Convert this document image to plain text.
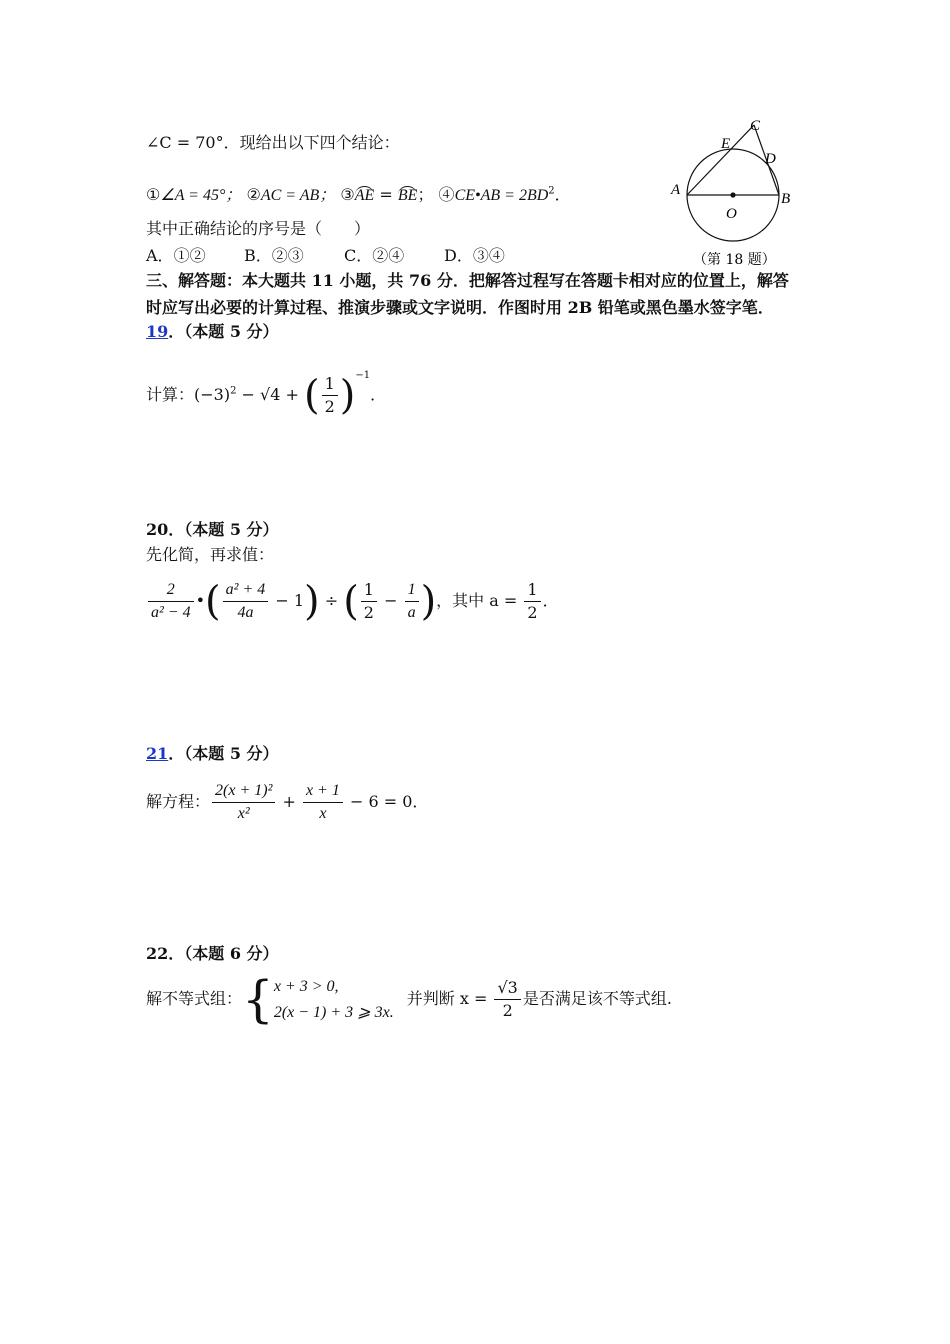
∠C = 70°．现给出以下四个结论：
①∠A = 45°； ②AC = AB； ③AE = BE； ④CE•AB = $2BD^2$．
其中正确结论的序号是（　　）
A．①② B．②③	C．②④ D．③④
C
E
D
A
B
O
（第 18 题）
三、解答题：本大题共 11 小题，共 76 分．把解答过程写在答题卡相对应的位置上，解答
时应写出必要的计算过程、推演步骤或文字说明．作图时用 2B 铅笔或黑色墨水签字笔．
19．（本题 5 分）
计算：$(-3)^2 - √4$ + ( $\frac{1}{2} )^{-1}$．
20．（本题 5 分）
先化简，再求值：
$\frac{2}{\text{a² − 4}}$ •( $\frac{\text{a² + 4}}{4a} - 1$) ÷ ( $\frac{1}{2} - \frac{1}{a}$ )，其中 $a = \frac{1}{2}$ ．
21．（本题 5 分）
解方程： $\frac{\text{2(x + 1)²}}{\text{x²}} + \frac{x + 1}{x} - 6 = 0$．
22．（本题 6 分）
解不等式组：{ x + 3 > 0,
2(x − 1) + 3 ⩾ 3x.
并判断 $x = \frac{√3}{2}$ 是否满足该不等式组.
